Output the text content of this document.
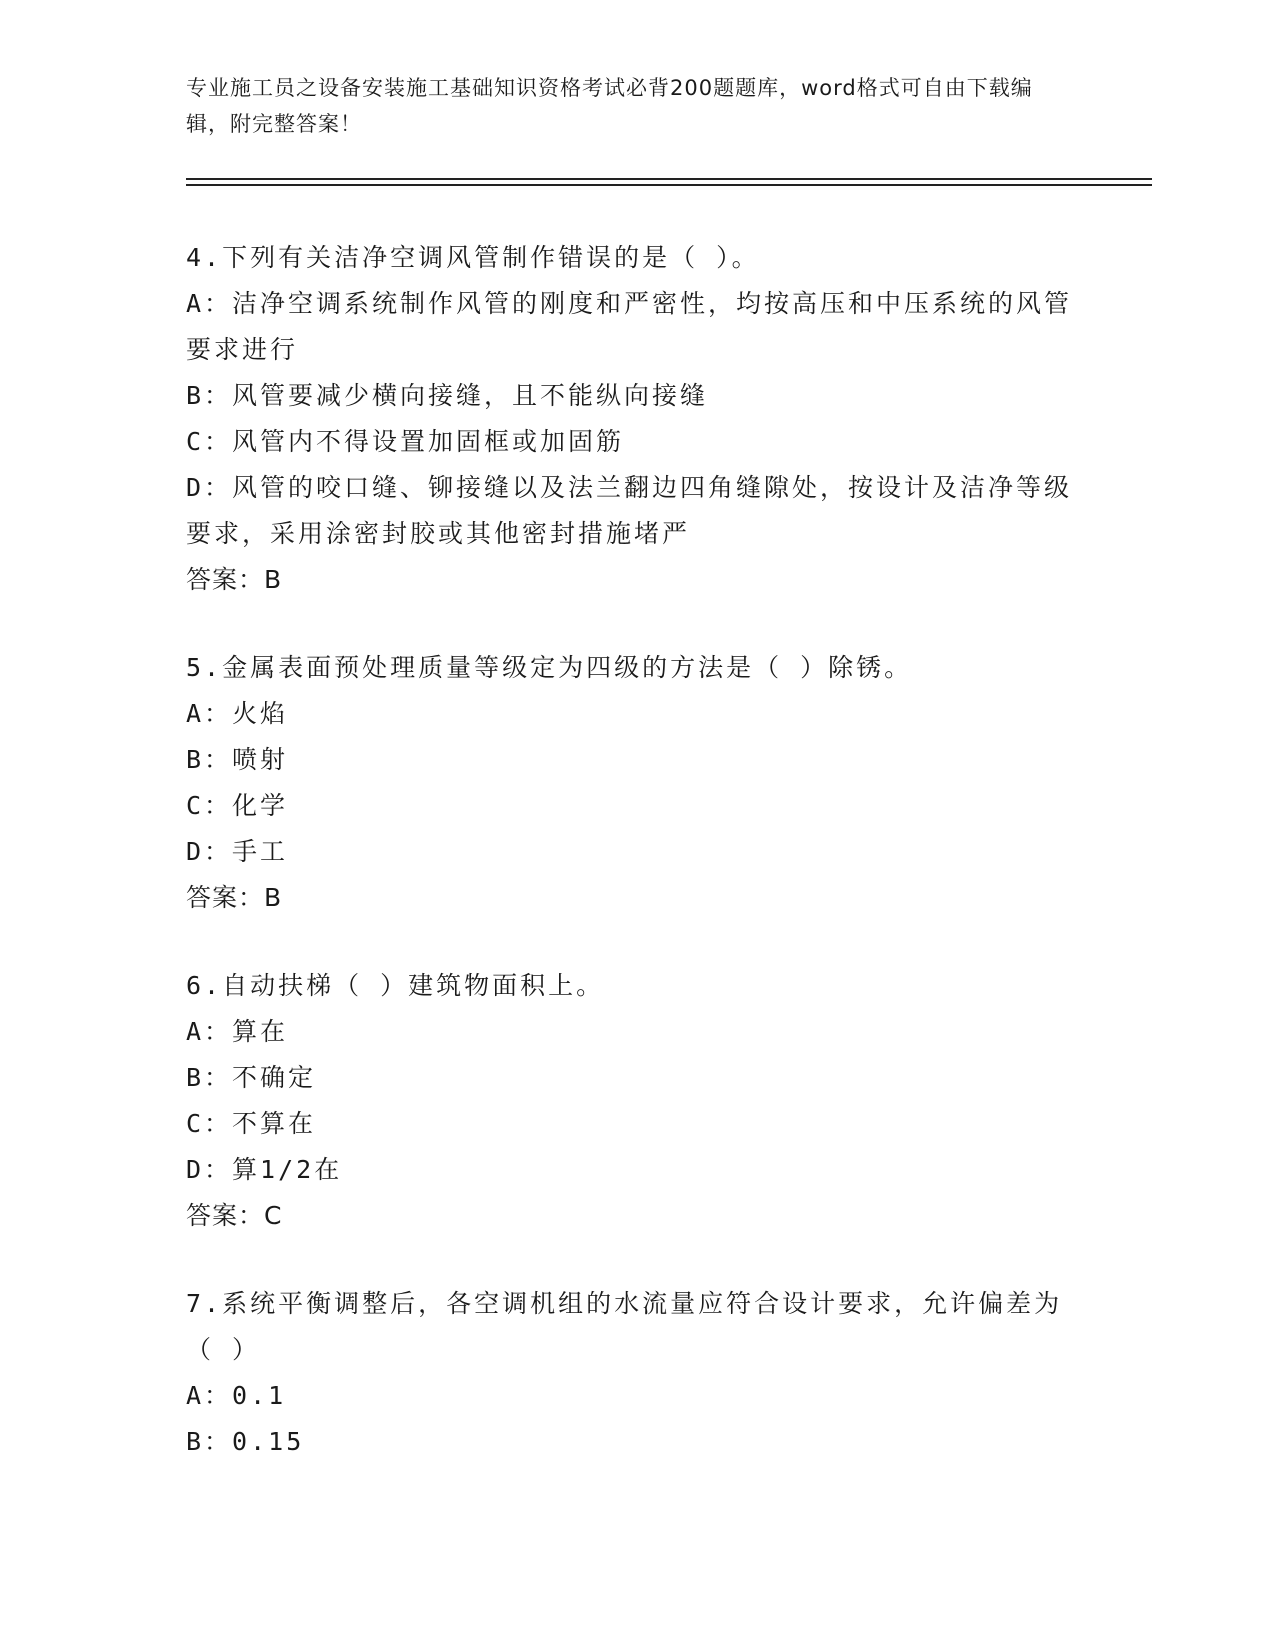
专业施工员之设备安装施工基础知识资格考试必背200题题库，word格式可自由下载编辑，附完整答案！
4.下列有关洁净空调风管制作错误的是（ ）。
A：洁净空调系统制作风管的刚度和严密性，均按高压和中压系统的风管要求进行
B：风管要减少横向接缝，且不能纵向接缝
C：风管内不得设置加固框或加固筋
D：风管的咬口缝、铆接缝以及法兰翻边四角缝隙处，按设计及洁净等级要求，采用涂密封胶或其他密封措施堵严
答案：B
5.金属表面预处理质量等级定为四级的方法是（ ）除锈。
A：火焰
B：喷射
C：化学
D：手工
答案：B
6.自动扶梯（ ）建筑物面积上。
A：算在
B：不确定
C：不算在
D：算1/2在
答案：C
7.系统平衡调整后，各空调机组的水流量应符合设计要求，允许偏差为（ ）
A：0.1
B：0.15
